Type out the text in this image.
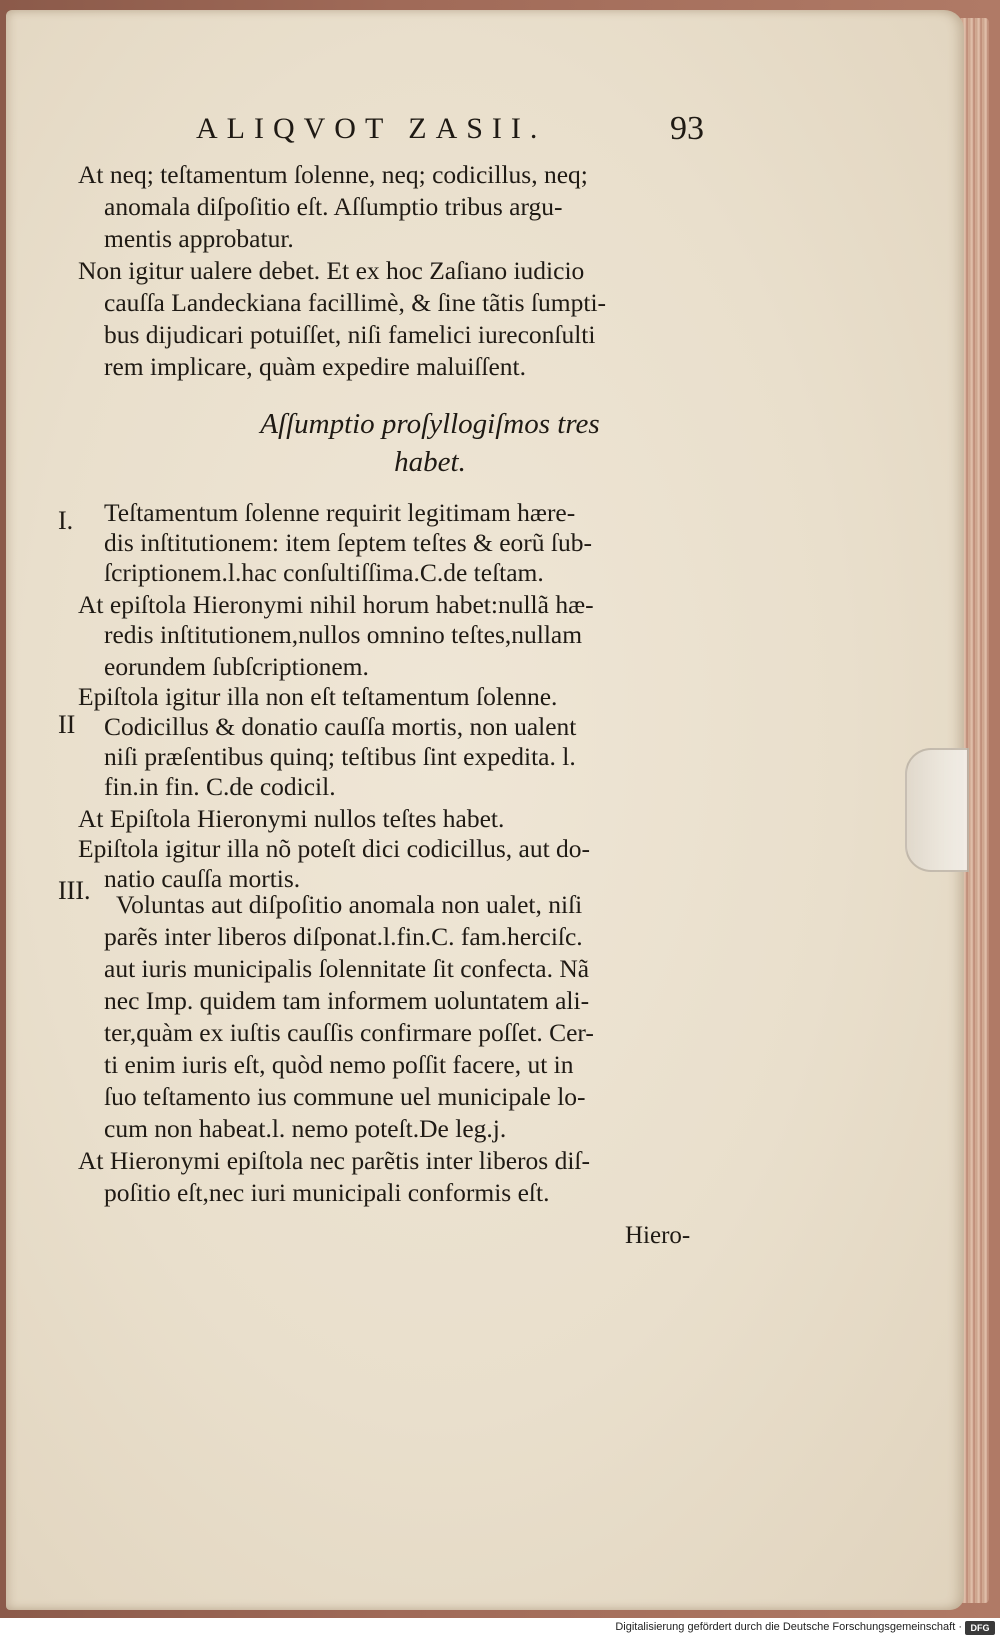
ALIQVOT ZASII.	93
At neq; teſtamentum ſolenne, neq; codicillus, neq;
anomala diſpoſitio eſt. Aſſumptio tribus argu-
mentis approbatur.
Non igitur ualere debet. Et ex hoc Zaſiano iudicio
cauſſa Landeckiana facillimè, & ſine tãtis ſumpti-
bus dijudicari potuiſſet, niſi famelici iureconſulti
rem implicare, quàm expedire maluiſſent.
Aſſumptio proſyllogiſmos tres
habet.
I.
II
III.
Teſtamentum ſolenne requirit legitimam hære-
dis inſtitutionem: item ſeptem teſtes & eorũ ſub-
ſcriptionem.l.hac conſultiſſima.C.de teſtam.
At epiſtola Hieronymi nihil horum habet:nullã hæ-
redis inſtitutionem,nullos omnino teſtes,nullam
eorundem ſubſcriptionem.
Epiſtola igitur illa non eſt teſtamentum ſolenne.
Codicillus & donatio cauſſa mortis, non ualent
niſi præſentibus quinq; teſtibus ſint expedita. l.
fin.in fin. C.de codicil.
At Epiſtola Hieronymi nullos teſtes habet.
Epiſtola igitur illa nõ poteſt dici codicillus, aut do-
natio cauſſa mortis.
Voluntas aut diſpoſitio anomala non ualet, niſi
parẽs inter liberos diſponat.l.fin.C. fam.herciſc.
aut iuris municipalis ſolennitate ſit confecta. Nã
nec Imp. quidem tam informem uoluntatem ali-
ter,quàm ex iuſtis cauſſis confirmare poſſet. Cer-
ti enim iuris eſt, quòd nemo poſſit facere, ut in
ſuo teſtamento ius commune uel municipale lo-
cum non habeat.l. nemo poteſt.De leg.j.
At Hieronymi epiſtola nec parẽtis inter liberos diſ-
poſitio eſt,nec iuri municipali conformis eſt.
Hiero-
Digitalisierung gefördert durch die Deutsche Forschungsgemeinschaft · DFG
